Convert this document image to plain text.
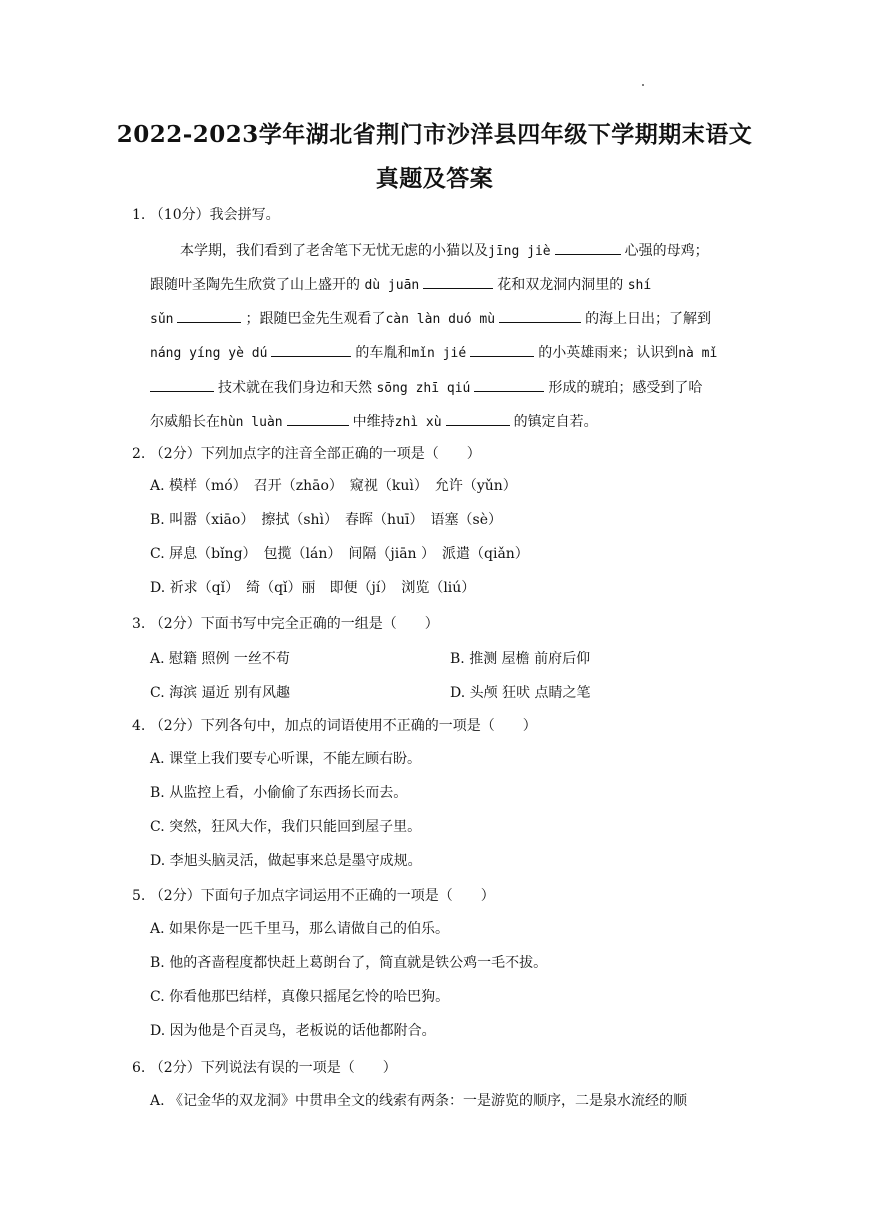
2022-2023学年湖北省荆门市沙洋县四年级下学期期末语文
真题及答案
1. （10分）我会拼写。
本学期，我们看到了老舍笔下无忧无虑的小猫以及jīng jiè	心强的母鸡；
跟随叶圣陶先生欣赏了山上盛开的 dù juān	花和双龙洞内洞里的 shí
sǔn	；跟随巴金先生观看了càn làn duó mù	的海上日出；了解到
náng yíng yè dú	的车胤和mǐn jié	的小英雄雨来；认识到nà mǐ
技术就在我们身边和天然 sōng zhī qiú	形成的琥珀；感受到了哈
尔威船长在hùn luàn	中维持zhì xù	的镇定自若。
2. （2分）下列加点字的注音全部正确的一项是（　　）
A. 模样（mó）　召开（zhāo）　窥视（kuì）　允许（yǔn）
B. 叫嚣（xiāo）　擦拭（shì）　春晖（huī）　语塞（sè）
C. 屏息（bǐng）　包揽（lán）　间隔（jiān ）　派遣（qiǎn）
D. 祈求（qǐ）　绮（qǐ）丽　即便（jí）　浏览（liú）
3. （2分）下面书写中完全正确的一组是（　　）
A. 慰籍 照例 一丝不苟	B. 推测 屋檐 前府后仰
C. 海滨 逼近 别有风趣	D. 头颅 狂吠 点睛之笔
4. （2分）下列各句中，加点的词语使用不正确的一项是（　　）
A. 课堂上我们要专心听课，不能左顾右盼。
B. 从监控上看，小偷偷了东西扬长而去。
C. 突然，狂风大作，我们只能回到屋子里。
D. 李旭头脑灵活，做起事来总是墨守成规。
5. （2分）下面句子加点字词运用不正确的一项是（　　）
A. 如果你是一匹千里马，那么请做自己的伯乐。
B. 他的吝啬程度都快赶上葛朗台了，简直就是铁公鸡一毛不拔。
C. 你看他那巴结样，真像只摇尾乞怜的哈巴狗。
D. 因为他是个百灵鸟，老板说的话他都附合。
6. （2分）下列说法有误的一项是（　　）
A. 《记金华的双龙洞》中贯串全文的线索有两条：一是游览的顺序，二是泉水流经的顺
